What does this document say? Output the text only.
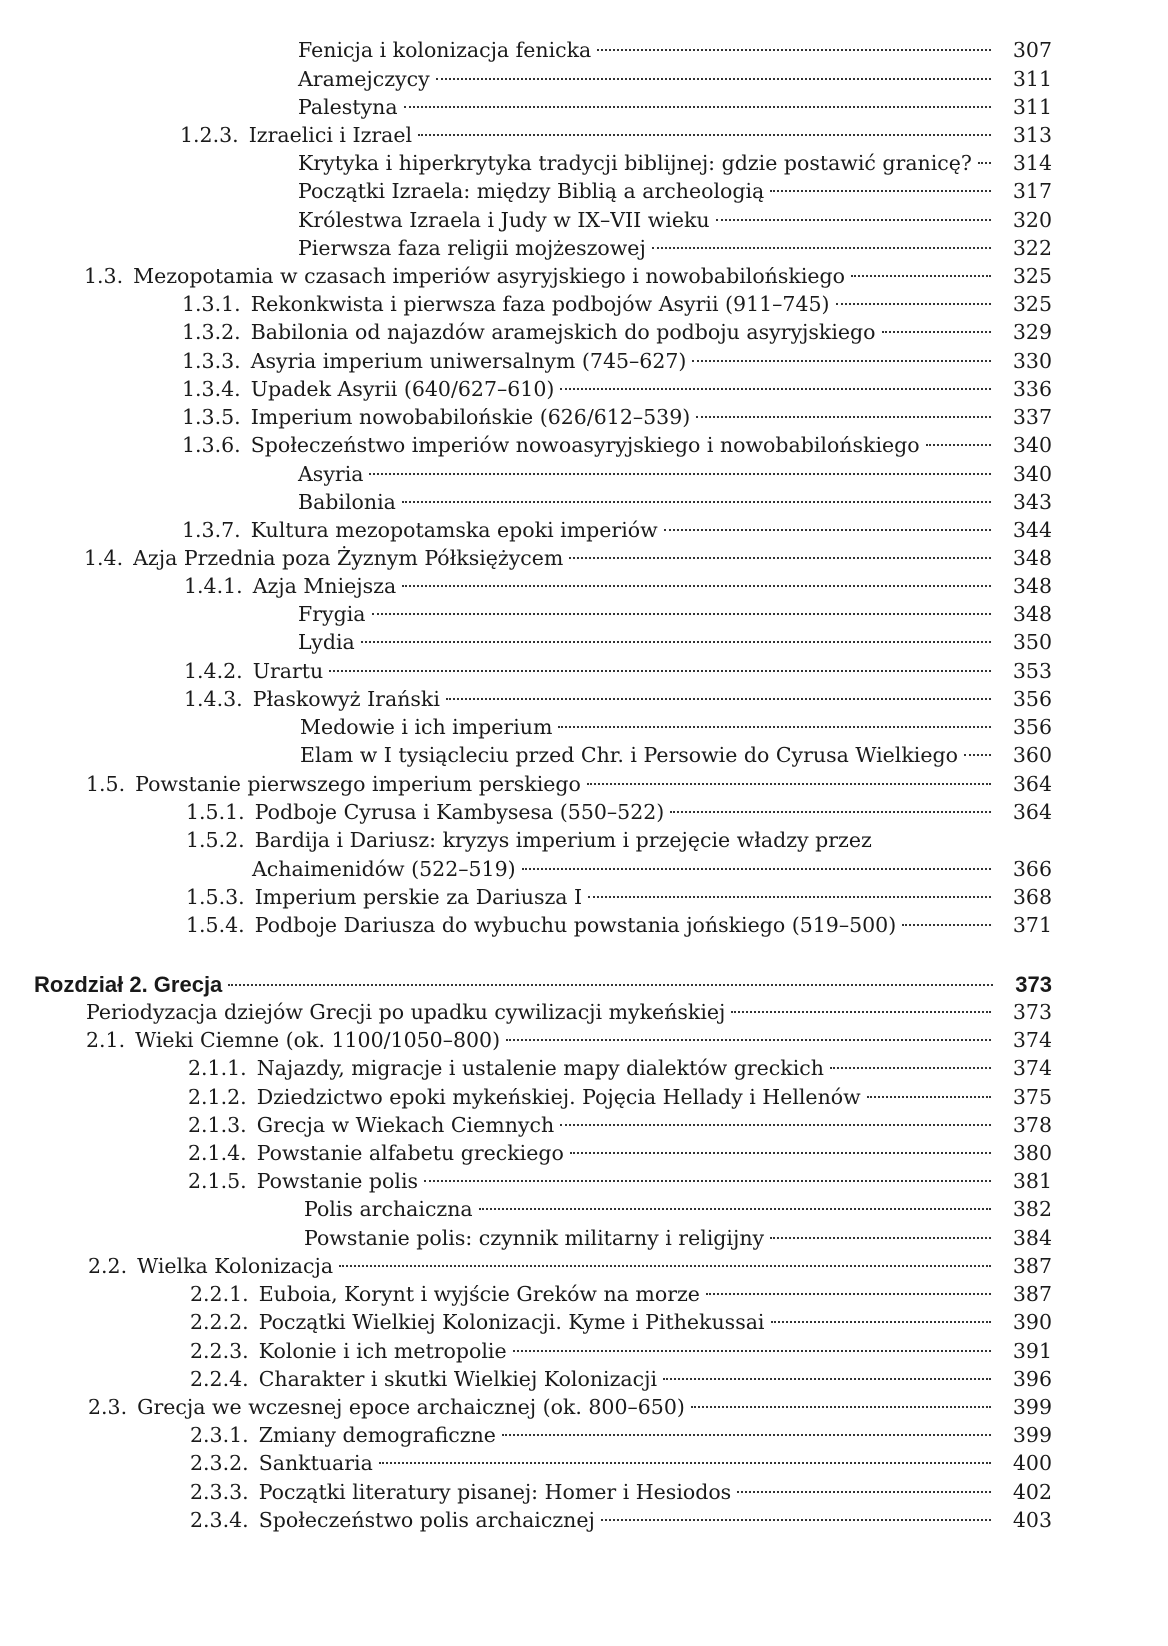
Fenicja i kolonizacja fenicka	307
Aramejczycy	311
Palestyna	311
1.2.3. Izraelici i Izrael	313
Krytyka i hiperkrytyka tradycji biblijnej: gdzie postawić granicę? 314
Początki Izraela: między Biblią a archeologią	317
Królestwa Izraela i Judy w IX–VII wieku	320
Pierwsza faza religii mojżeszowej	322
1.3. Mezopotamia w czasach imperiów asyryjskiego i nowobabilońskiego	325
1.3.1. Rekonkwista i pierwsza faza podbojów Asyrii (911–745)	325
1.3.2. Babilonia od najazdów aramejskich do podboju asyryjskiego	329
1.3.3. Asyria imperium uniwersalnym (745–627)	330
1.3.4. Upadek Asyrii (640/627–610)	336
1.3.5. Imperium nowobabilońskie (626/612–539)	337
1.3.6. Społeczeństwo imperiów nowoasyryjskiego i nowobabilońskiego	340
Asyria	340
Babilonia	343
1.3.7. Kultura mezopotamska epoki imperiów	344
1.4. Azja Przednia poza Żyznym Półksiężycem	348
1.4.1. Azja Mniejsza	348
Frygia	348
Lydia	350
1.4.2. Urartu	353
1.4.3. Płaskowyż Irański	356
Medowie i ich imperium	356
Elam w I tysiącleciu przed Chr. i Persowie do Cyrusa Wielkiego	360
1.5. Powstanie pierwszego imperium perskiego	364
1.5.1. Podboje Cyrusa i Kambysesa (550–522)	364
1.5.2. Bardija i Dariusz: kryzys imperium i przejęcie władzy przez
Achaimenidów (522–519)	366
1.5.3. Imperium perskie za Dariusza I	368
1.5.4. Podboje Dariusza do wybuchu powstania jońskiego (519–500)	371
Rozdział 2. Grecja	373
Periodyzacja dziejów Grecji po upadku cywilizacji mykeńskiej	373
2.1. Wieki Ciemne (ok. 1100/1050–800)	374
2.1.1. Najazdy, migracje i ustalenie mapy dialektów greckich	374
2.1.2. Dziedzictwo epoki mykeńskiej. Pojęcia Hellady i Hellenów	375
2.1.3. Grecja w Wiekach Ciemnych	378
2.1.4. Powstanie alfabetu greckiego	380
2.1.5. Powstanie polis	381
Polis archaiczna	382
Powstanie polis: czynnik militarny i religijny	384
2.2. Wielka Kolonizacja	387
2.2.1. Euboia, Korynt i wyjście Greków na morze	387
2.2.2. Początki Wielkiej Kolonizacji. Kyme i Pithekussai	390
2.2.3. Kolonie i ich metropolie	391
2.2.4. Charakter i skutki Wielkiej Kolonizacji	396
2.3. Grecja we wczesnej epoce archaicznej (ok. 800–650)	399
2.3.1. Zmiany demograficzne	399
2.3.2. Sanktuaria	400
2.3.3. Początki literatury pisanej: Homer i Hesiodos	402
2.3.4. Społeczeństwo polis archaicznej	403
